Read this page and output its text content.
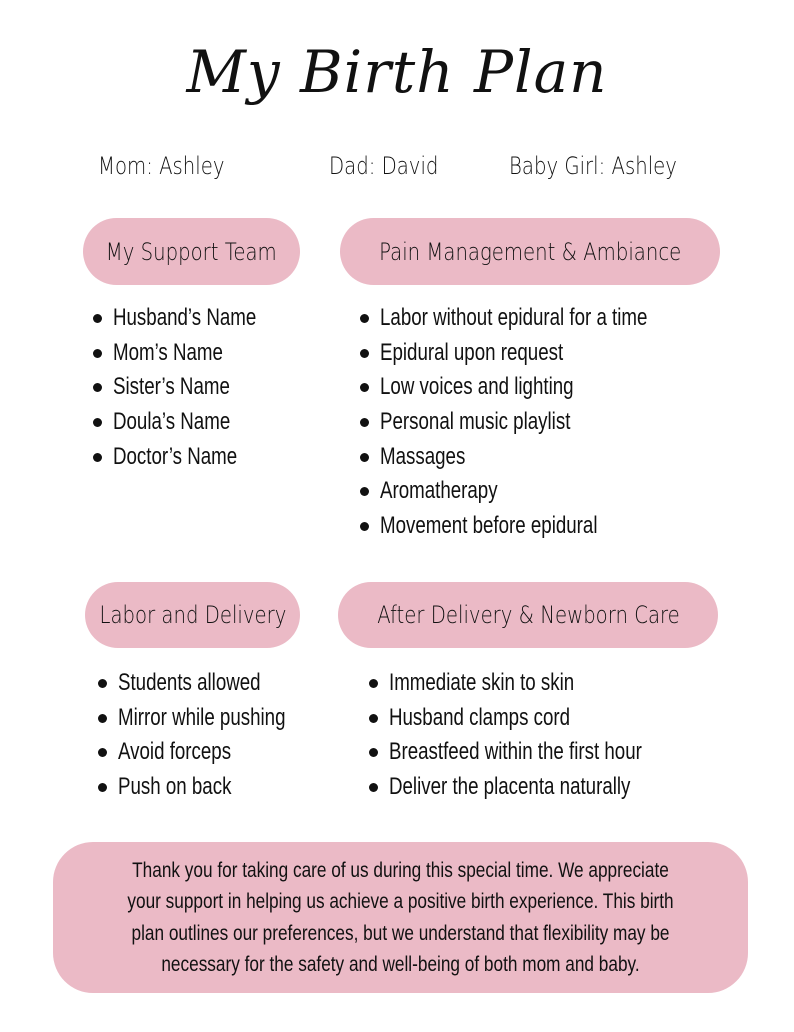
My Birth Plan
Mom: Ashley	Dad: David	Baby Girl: Ashley
My Support Team	Pain Management & Ambiance
Labor and Delivery	After Delivery & Newborn Care
Husband’s Name
Mom’s Name
Sister’s Name
Doula’s Name
Doctor’s Name
Labor without epidural for a time
Epidural upon request
Low voices and lighting
Personal music playlist
Massages
Aromatherapy
Movement before epidural
Students allowed
Mirror while pushing
Avoid forceps
Push on back
Immediate skin to skin
Husband clamps cord
Breastfeed within the first hour
Deliver the placenta naturally

Thank you for taking care of us during this special time. We appreciate your support in helping us achieve a positive birth experience. This birth plan outlines our preferences, but we understand that flexibility may be necessary for the safety and well-being of both mom and baby.
